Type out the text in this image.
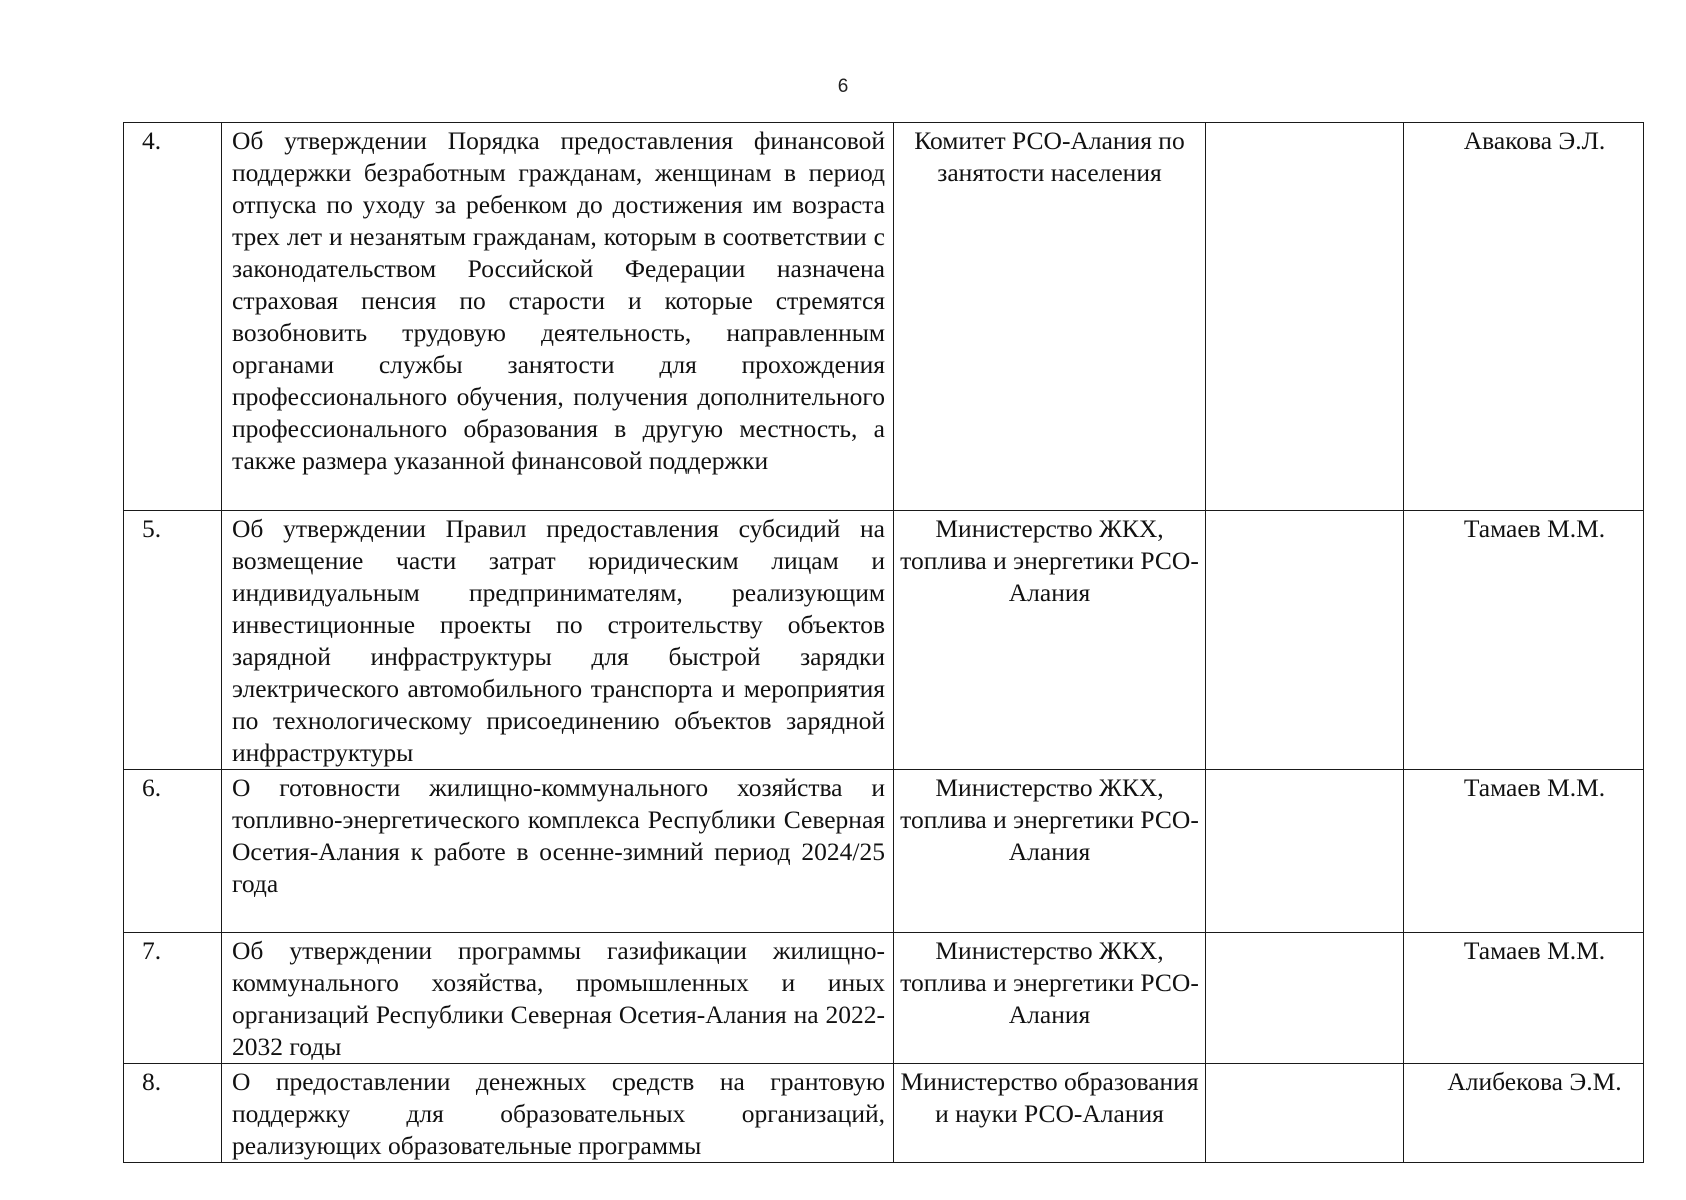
6
4.	Об утверждении Порядка предоставления финансовой поддержки безработным гражданам, женщинам в период отпуска по уходу за ребенком до достижения им возраста трех лет и незанятым гражданам, которым в соответствии с законодательством Российской Федерации назначена страховая пенсия по старости и которые стремятся возобновить трудовую деятельность, направленным органами службы занятости для прохождения профессионального обучения, получения дополнительного профессионального образования в другую местность, а также размера указанной финансовой поддержки	Комитет РСО-Алания по занятости населения		Авакова Э.Л.

5.	Об утверждении Правил предоставления субсидий на возмещение части затрат юридическим лицам и индивидуальным предпринимателям, реализующим инвестиционные проекты по строительству объектов зарядной инфраструктуры для быстрой зарядки электрического автомобильного транспорта и мероприятия по технологическому присоединению объектов зарядной инфраструктуры	Министерство ЖКХ, топлива и энергетики РСО-Алания		Тамаев М.М.

6.	О готовности жилищно-коммунального хозяйства и топливно-энергетического комплекса Республики Северная Осетия-Алания к работе в осенне-зимний период 2024/25 года	Министерство ЖКХ, топлива и энергетики РСО-Алания		Тамаев М.М.

7.	Об утверждении программы газификации жилищно-коммунального хозяйства, промышленных и иных организаций Республики Северная Осетия-Алания на 2022-2032 годы	Министерство ЖКХ, топлива и энергетики РСО-Алания		Тамаев М.М.

8.	О предоставлении денежных средств на грантовую поддержку для образовательных организаций, реализующих образовательные программы	Министерство образования и науки РСО-Алания		Алибекова Э.М.
